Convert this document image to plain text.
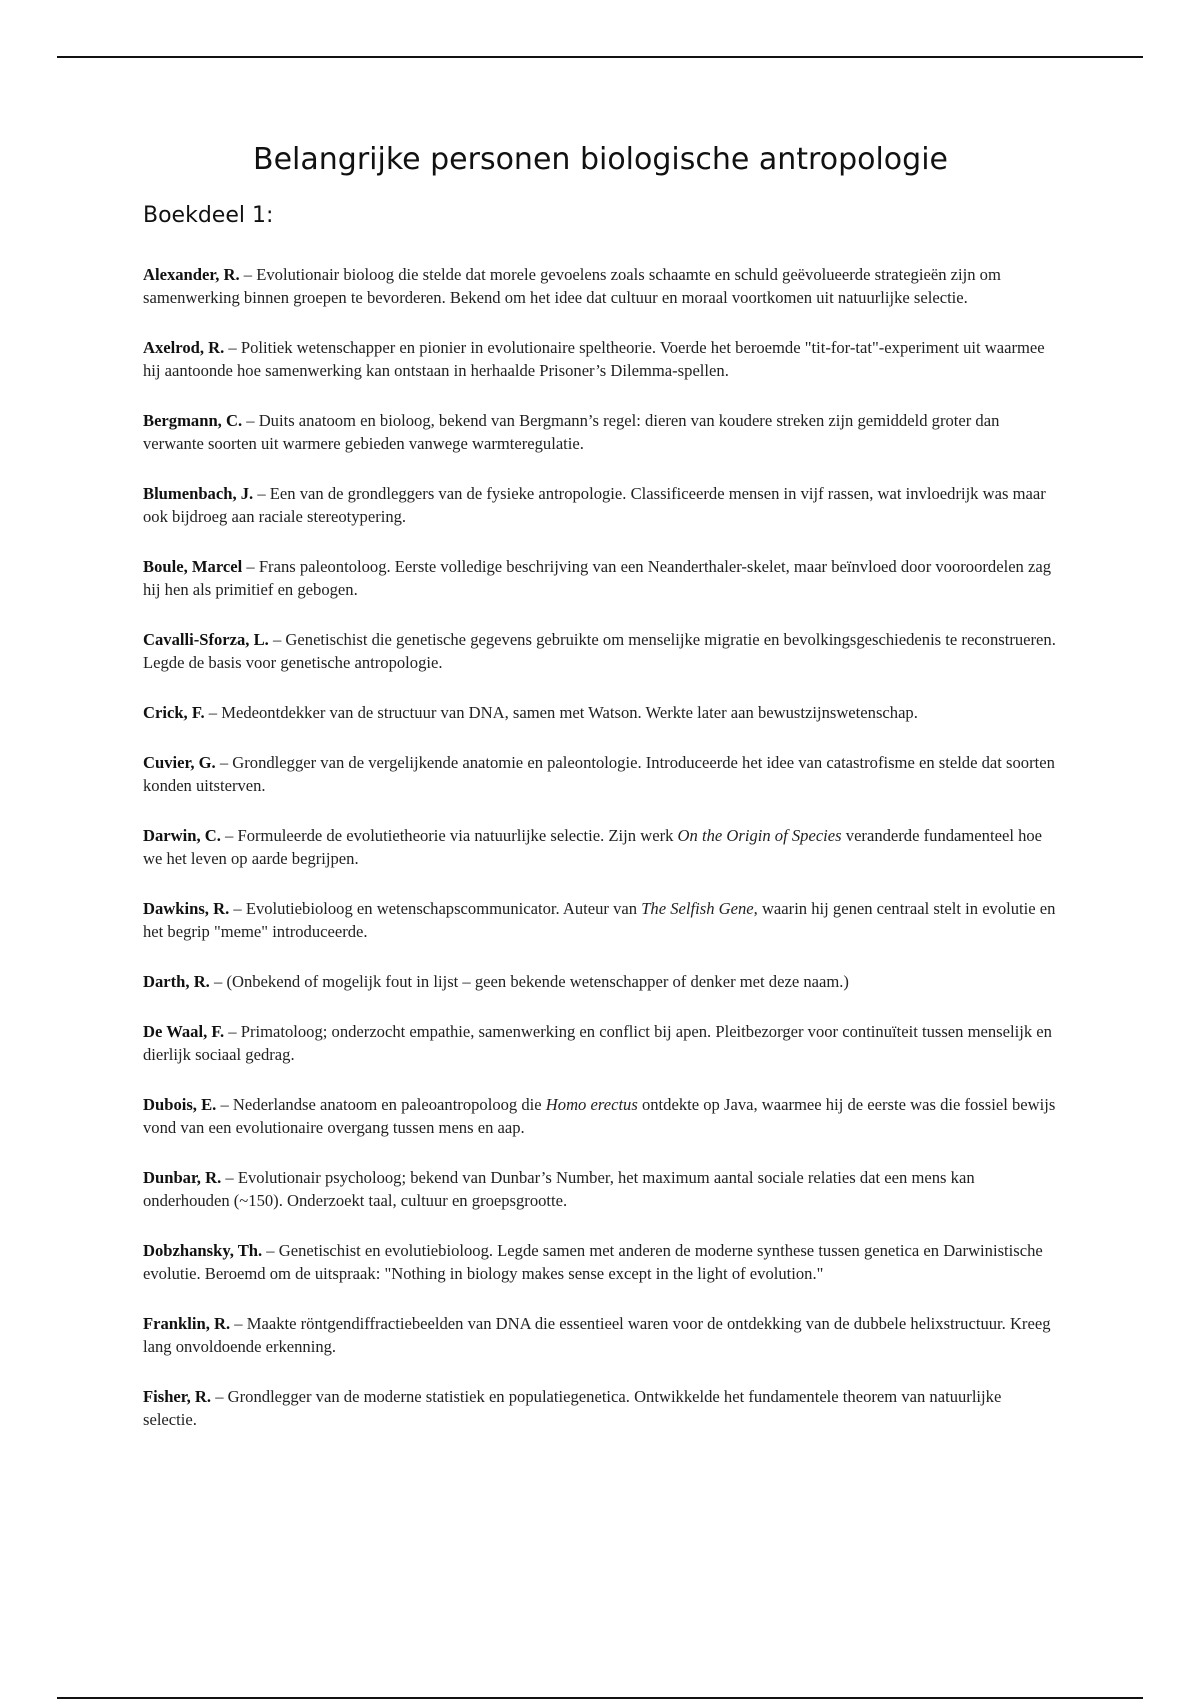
Belangrijke personen biologische antropologie
Boekdeel 1:
Alexander, R. – Evolutionair bioloog die stelde dat morele gevoelens zoals schaamte en schuld geëvolueerde strategieën zijn om samenwerking binnen groepen te bevorderen. Bekend om het idee dat cultuur en moraal voortkomen uit natuurlijke selectie.
Axelrod, R. – Politiek wetenschapper en pionier in evolutionaire speltheorie. Voerde het beroemde "tit-for-tat"-experiment uit waarmee hij aantoonde hoe samenwerking kan ontstaan in herhaalde Prisoner’s Dilemma-spellen.
Bergmann, C. – Duits anatoom en bioloog, bekend van Bergmann’s regel: dieren van koudere streken zijn gemiddeld groter dan verwante soorten uit warmere gebieden vanwege warmteregulatie.
Blumenbach, J. – Een van de grondleggers van de fysieke antropologie. Classificeerde mensen in vijf rassen, wat invloedrijk was maar ook bijdroeg aan raciale stereotypering.
Boule, Marcel – Frans paleontoloog. Eerste volledige beschrijving van een Neanderthaler-skelet, maar beïnvloed door vooroordelen zag hij hen als primitief en gebogen.
Cavalli-Sforza, L. – Genetischist die genetische gegevens gebruikte om menselijke migratie en bevolkingsgeschiedenis te reconstrueren. Legde de basis voor genetische antropologie.
Crick, F. – Medeontdekker van de structuur van DNA, samen met Watson. Werkte later aan bewustzijnswetenschap.
Cuvier, G. – Grondlegger van de vergelijkende anatomie en paleontologie. Introduceerde het idee van catastrofisme en stelde dat soorten konden uitsterven.
Darwin, C. – Formuleerde de evolutietheorie via natuurlijke selectie. Zijn werk On the Origin of Species veranderde fundamenteel hoe we het leven op aarde begrijpen.
Dawkins, R. – Evolutiebioloog en wetenschapscommunicator. Auteur van The Selfish Gene, waarin hij genen centraal stelt in evolutie en het begrip "meme" introduceerde.
Darth, R. – (Onbekend of mogelijk fout in lijst – geen bekende wetenschapper of denker met deze naam.)
De Waal, F. – Primatoloog; onderzocht empathie, samenwerking en conflict bij apen. Pleitbezorger voor continuïteit tussen menselijk en dierlijk sociaal gedrag.
Dubois, E. – Nederlandse anatoom en paleoantropoloog die Homo erectus ontdekte op Java, waarmee hij de eerste was die fossiel bewijs vond van een evolutionaire overgang tussen mens en aap.
Dunbar, R. – Evolutionair psycholoog; bekend van Dunbar’s Number, het maximum aantal sociale relaties dat een mens kan onderhouden (~150). Onderzoekt taal, cultuur en groepsgrootte.
Dobzhansky, Th. – Genetischist en evolutiebioloog. Legde samen met anderen de moderne synthese tussen genetica en Darwinistische evolutie. Beroemd om de uitspraak: "Nothing in biology makes sense except in the light of evolution."
Franklin, R. – Maakte röntgendiffractiebeelden van DNA die essentieel waren voor de ontdekking van de dubbele helixstructuur. Kreeg lang onvoldoende erkenning.
Fisher, R. – Grondlegger van de moderne statistiek en populatiegenetica. Ontwikkelde het fundamentele theorem van natuurlijke selectie.
